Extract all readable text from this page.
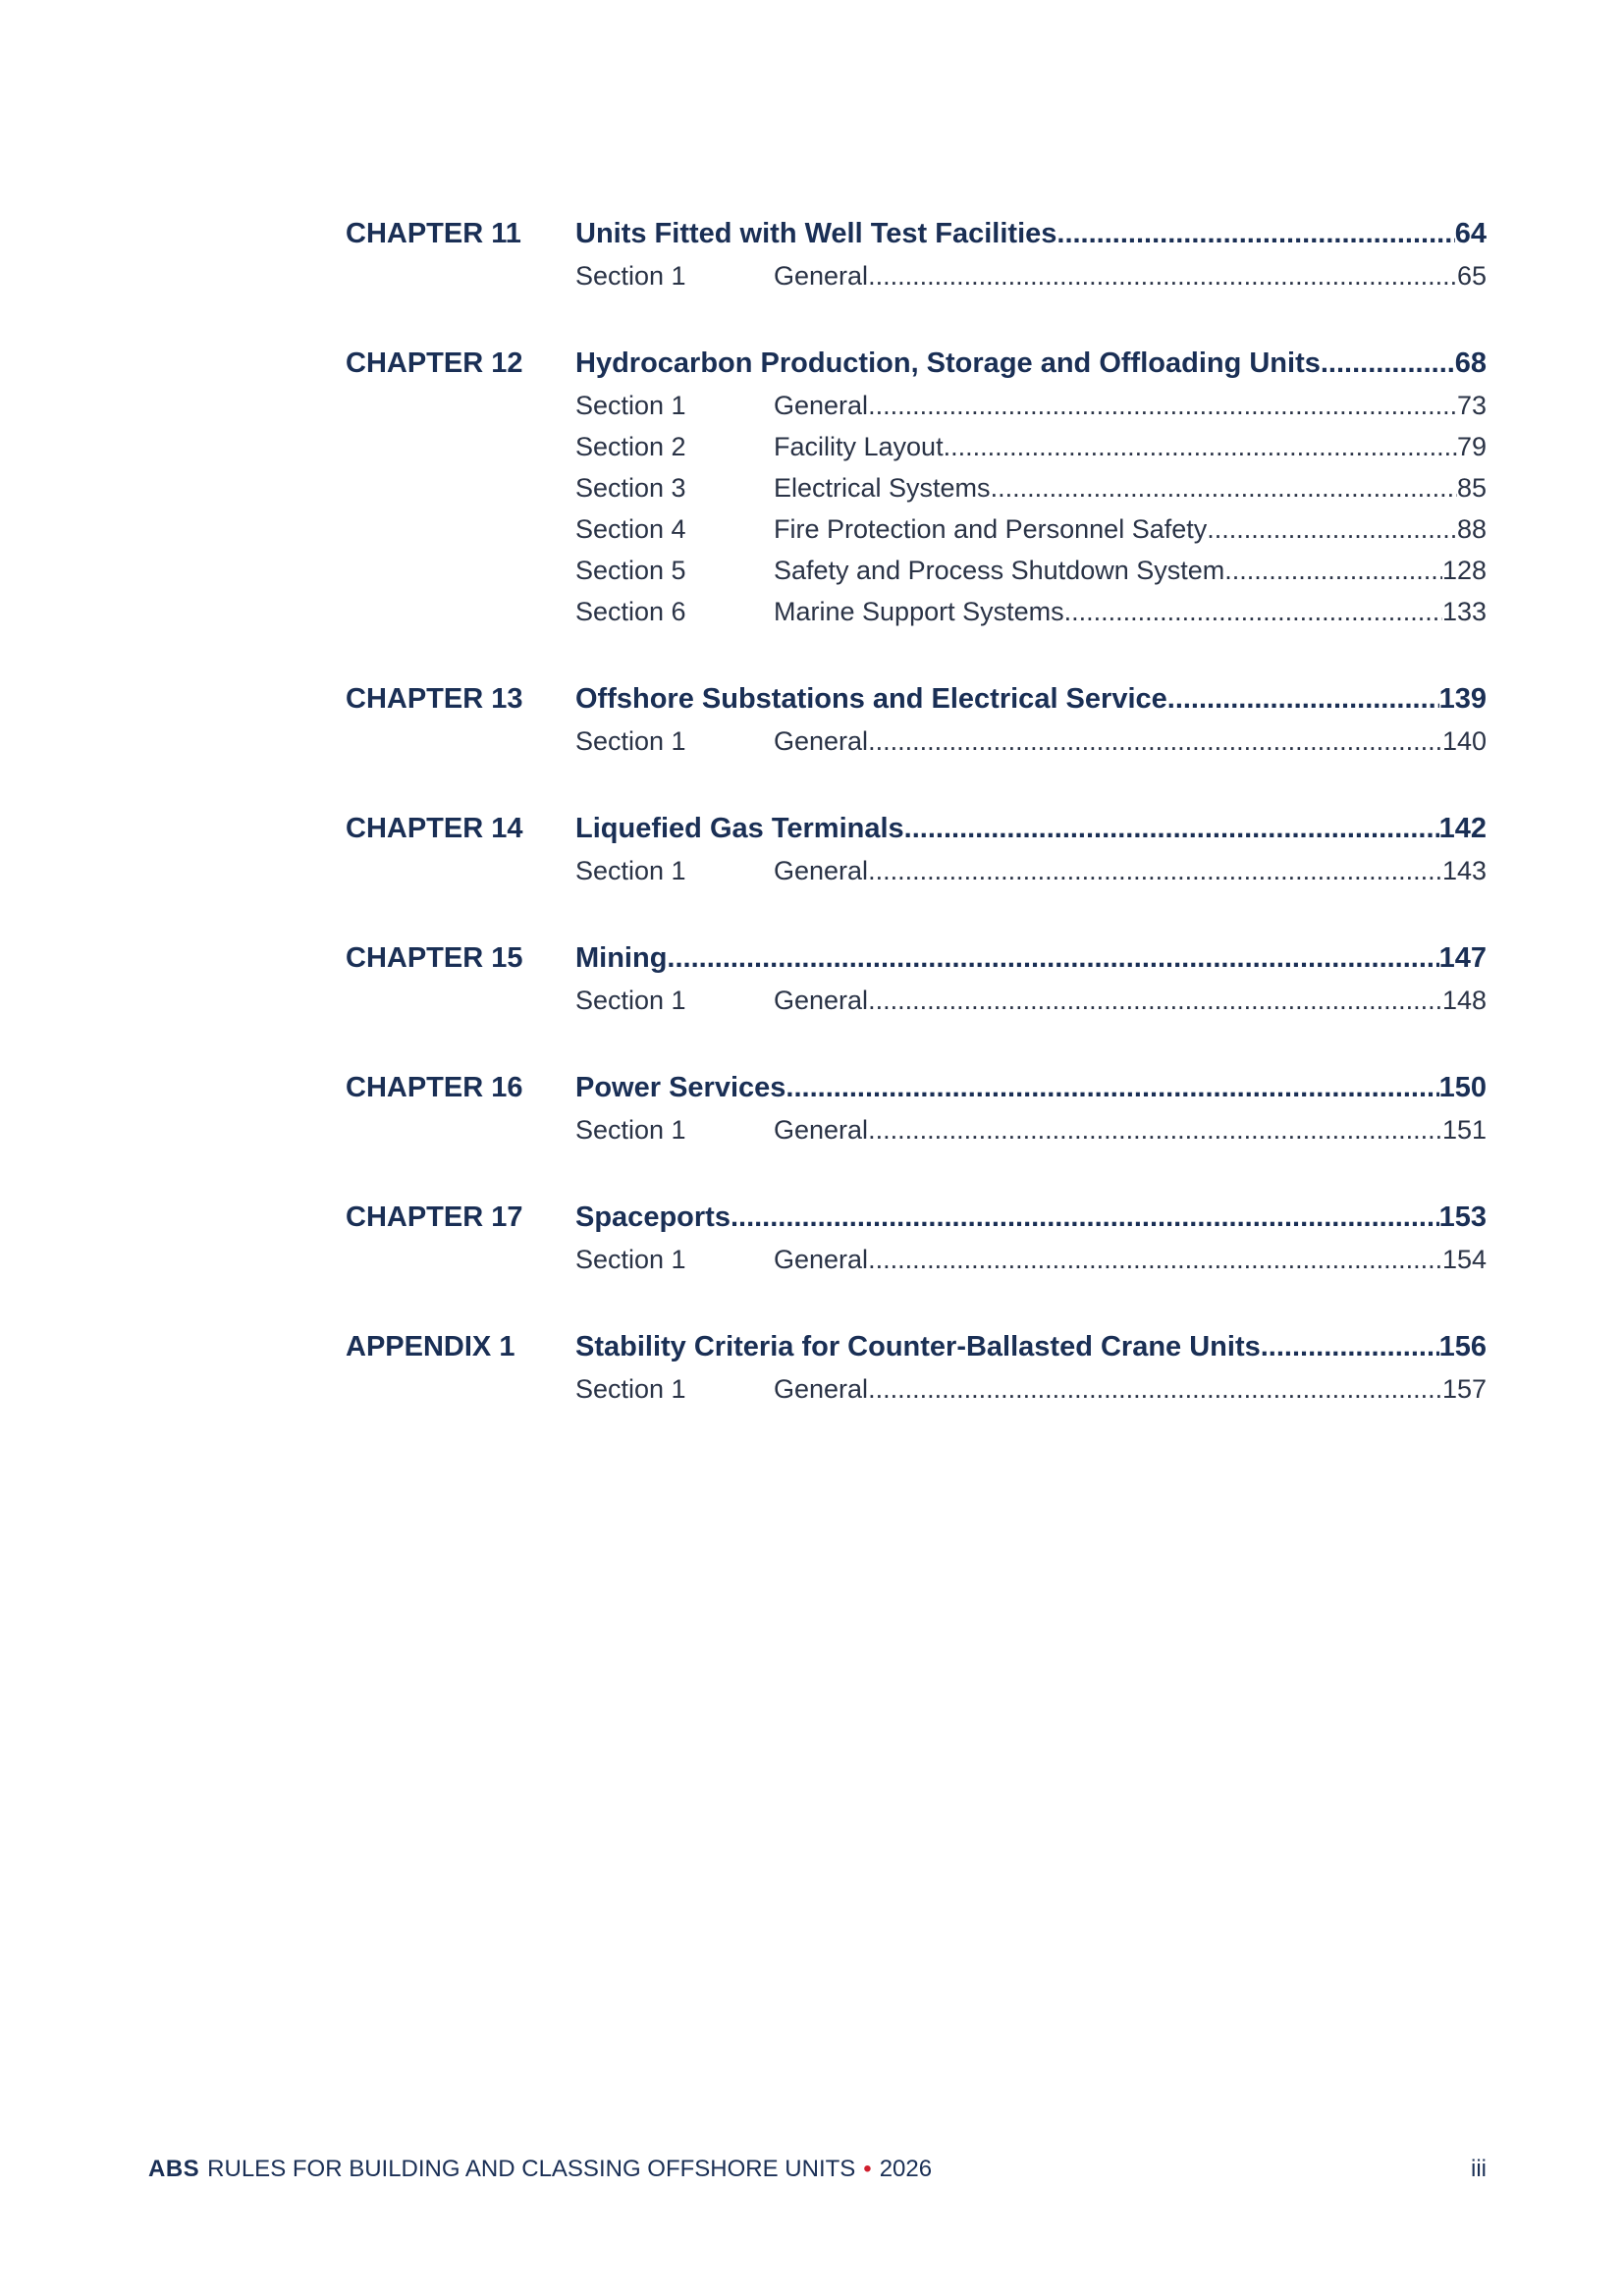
CHAPTER 11	Units Fitted with Well Test Facilities .....	64
Section 1	General .....	65
CHAPTER 12	Hydrocarbon Production, Storage and Offloading Units .....	68
Section 1	General .....	73
Section 2	Facility Layout .....	79
Section 3	Electrical Systems .....	85
Section 4	Fire Protection and Personnel Safety .....	88
Section 5	Safety and Process Shutdown System .....	128
Section 6	Marine Support Systems .....	133
CHAPTER 13	Offshore Substations and Electrical Service .....	139
Section 1	General .....	140
CHAPTER 14	Liquefied Gas Terminals .....	142
Section 1	General .....	143
CHAPTER 15	Mining .....	147
Section 1	General .....	148
CHAPTER 16	Power Services .....	150
Section 1	General .....	151
CHAPTER 17	Spaceports .....	153
Section 1	General .....	154
APPENDIX 1	Stability Criteria for Counter-Ballasted Crane Units .....	156
Section 1	General .....	157
ABS RULES FOR BUILDING AND CLASSING OFFSHORE UNITS • 2026	iii
